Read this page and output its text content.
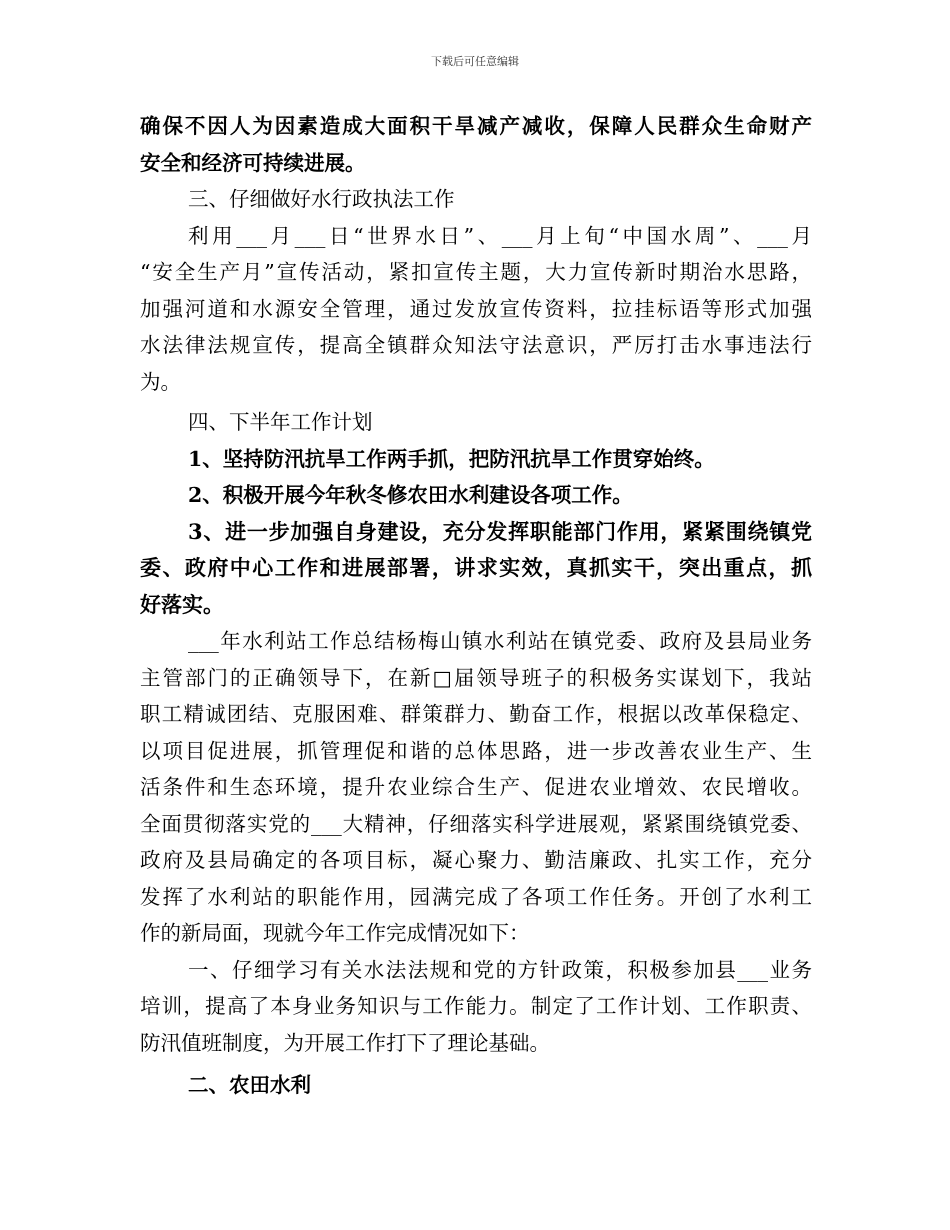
下载后可任意编辑
确保不因人为因素造成大面积干旱减产减收，保障人民群众生命财产
安全和经济可持续进展。
三、仔细做好水行政执法工作
利用___月___日“世界水日”、___月上旬“中国水周”、___月
“安全生产月”宣传活动，紧扣宣传主题，大力宣传新时期治水思路，
加强河道和水源安全管理，通过发放宣传资料，拉挂标语等形式加强
水法律法规宣传，提高全镇群众知法守法意识，严厉打击水事违法行
为。
四、下半年工作计划
1、坚持防汛抗旱工作两手抓，把防汛抗旱工作贯穿始终。
2、积极开展今年秋冬修农田水利建设各项工作。
3、进一步加强自身建设，充分发挥职能部门作用，紧紧围绕镇党
委、政府中心工作和进展部署，讲求实效，真抓实干，突出重点，抓
好落实。
___年水利站工作总结杨梅山镇水利站在镇党委、政府及县局业务
主管部门的正确领导下，在新□届领导班子的积极务实谋划下，我站
职工精诚团结、克服困难、群策群力、勤奋工作，根据以改革保稳定、
以项目促进展，抓管理促和谐的总体思路，进一步改善农业生产、生
活条件和生态环境，提升农业综合生产、促进农业增效、农民增收。
全面贯彻落实党的___大精神，仔细落实科学进展观，紧紧围绕镇党委、
政府及县局确定的各项目标，凝心聚力、勤洁廉政、扎实工作，充分
发挥了水利站的职能作用，园满完成了各项工作任务。开创了水利工
作的新局面，现就今年工作完成情况如下：
一、仔细学习有关水法法规和党的方针政策，积极参加县___业务
培训，提高了本身业务知识与工作能力。制定了工作计划、工作职责、
防汛值班制度，为开展工作打下了理论基础。
二、农田水利
